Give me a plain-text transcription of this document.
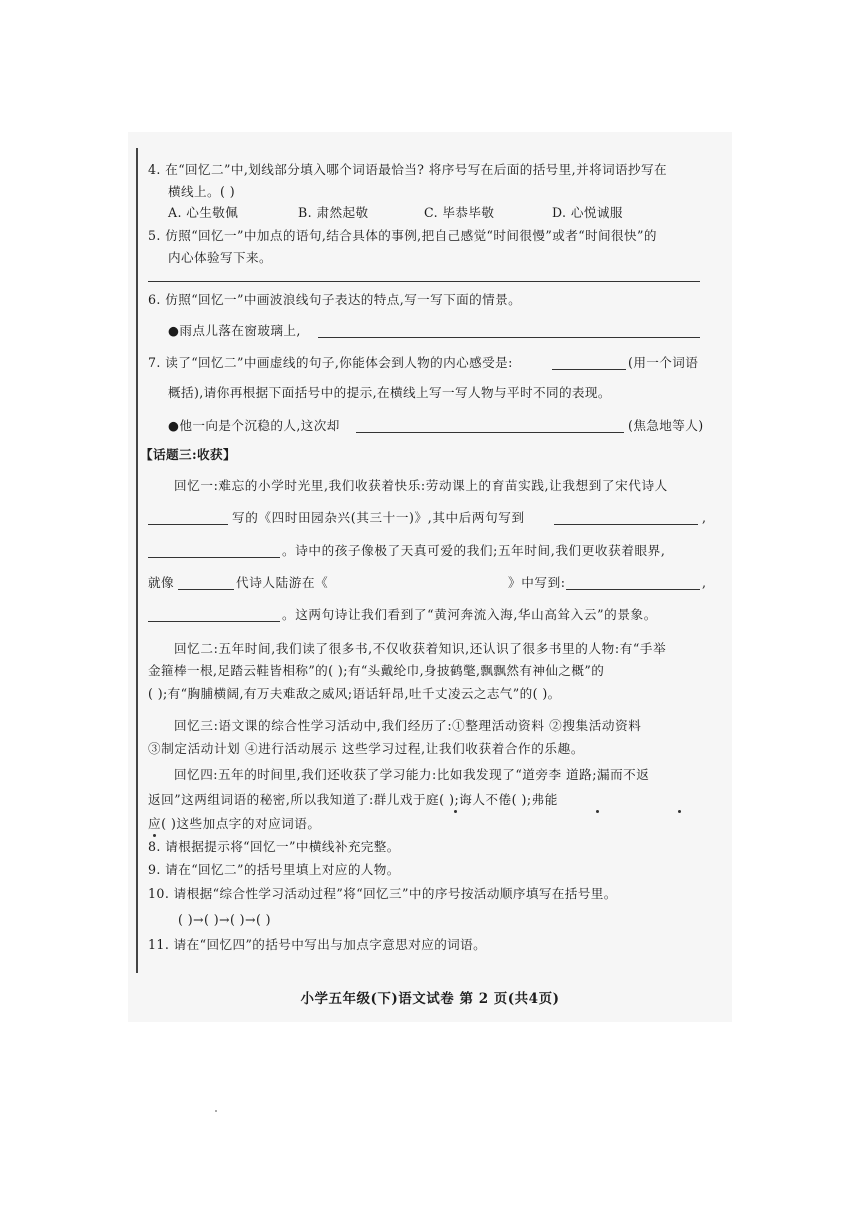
4. 在“回忆二”中,划线部分填入哪个词语最恰当? 将序号写在后面的括号里,并将词语抄写在
横线上。( )
A. 心生敬佩	B. 肃然起敬	C. 毕恭毕敬	D. 心悦诚服
5. 仿照“回忆一”中加点的语句,结合具体的事例,把自己感觉“时间很慢”或者“时间很快”的
内心体验写下来。
6. 仿照“回忆一”中画波浪线句子表达的特点,写一写下面的情景。
●雨点儿落在窗玻璃上,
7. 读了“回忆二”中画虚线的句子,你能体会到人物的内心感受是:	(用一个词语
概括),请你再根据下面括号中的提示,在横线上写一写人物与平时不同的表现。
●他一向是个沉稳的人,这次却	(焦急地等人)
【话题三:收获】
回忆一:难忘的小学时光里,我们收获着快乐:劳动课上的育苗实践,让我想到了宋代诗人
写的《四时田园杂兴(其三十一)》,其中后两句写到	,
。诗中的孩子像极了天真可爱的我们;五年时间,我们更收获着眼界,
就像	代诗人陆游在《	》中写到:	,
。这两句诗让我们看到了“黄河奔流入海,华山高耸入云”的景象。
回忆二:五年时间,我们读了很多书,不仅收获着知识,还认识了很多书里的人物:有“手举
金箍棒一根,足踏云鞋皆相称”的( );有“头戴纶巾,身披鹤氅,飘飘然有神仙之概”的
( );有“胸脯横阔,有万夫难敌之威风;语话轩昂,吐千丈凌云之志气”的( )。
回忆三:语文课的综合性学习活动中,我们经历了:①整理活动资料 ②搜集活动资料
③制定活动计划 ④进行活动展示 这些学习过程,让我们收获着合作的乐趣。
回忆四:五年的时间里,我们还收获了学习能力:比如我发现了“道旁李 道路;漏而不返
返回”这两组词语的秘密,所以我知道了:群儿戏于庭( );诲人不倦( );弗能
应( )这些加点字的对应词语。
8. 请根据提示将“回忆一”中横线补充完整。
9. 请在“回忆二”的括号里填上对应的人物。
10. 请根据“综合性学习活动过程”将“回忆三”中的序号按活动顺序填写在括号里。
( )→( )→( )→( )
11. 请在“回忆四”的括号中写出与加点字意思对应的词语。
小学五年级(下)语文试卷 第 2 页(共4页)
